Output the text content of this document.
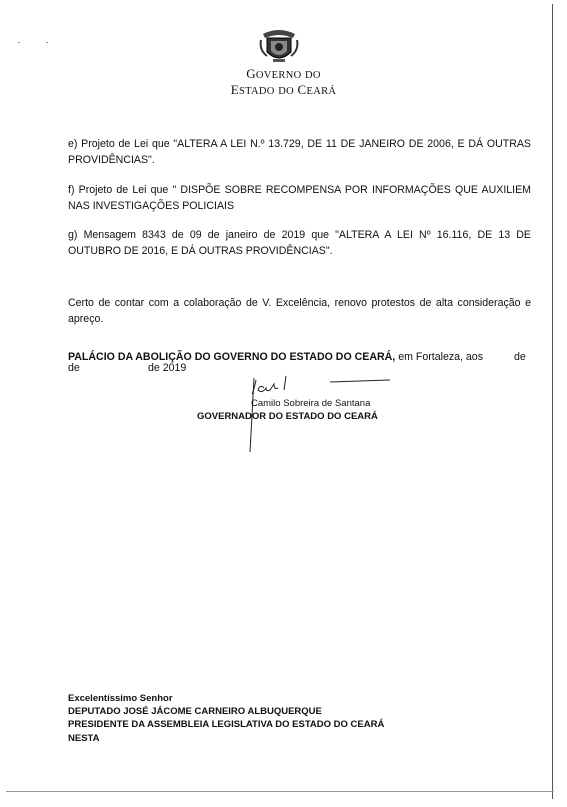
GOVERNO DO
ESTADO DO CEARÁ
e) Projeto de Lei que "ALTERA A LEI N.º 13.729, DE 11 DE JANEIRO DE 2006, E DÁ OUTRAS PROVIDÊNCIAS".
f) Projeto de Lei que " DISPÕE SOBRE RECOMPENSA POR INFORMAÇÕES QUE AUXILIEM NAS INVESTIGAÇÕES POLICIAIS
g) Mensagem 8343 de 09 de janeiro de 2019 que "ALTERA A LEI Nº 16.116, DE 13 DE OUTUBRO DE 2016, E DÁ OUTRAS PROVIDÊNCIAS".
Certo de contar com a colaboração de V. Excelência, renovo protestos de alta consideração e apreço.
PALÁCIO DA ABOLIÇÃO DO GOVERNO DO ESTADO DO CEARÁ, em Fortaleza, aos	de
de	de 2019
Camilo Sobreira de Santana
GOVERNADOR DO ESTADO DO CEARÁ
Excelentíssimo Senhor
DEPUTADO JOSÉ JÁCOME CARNEIRO ALBUQUERQUE
PRESIDENTE DA ASSEMBLEIA LEGISLATIVA DO ESTADO DO CEARÁ
NESTA
